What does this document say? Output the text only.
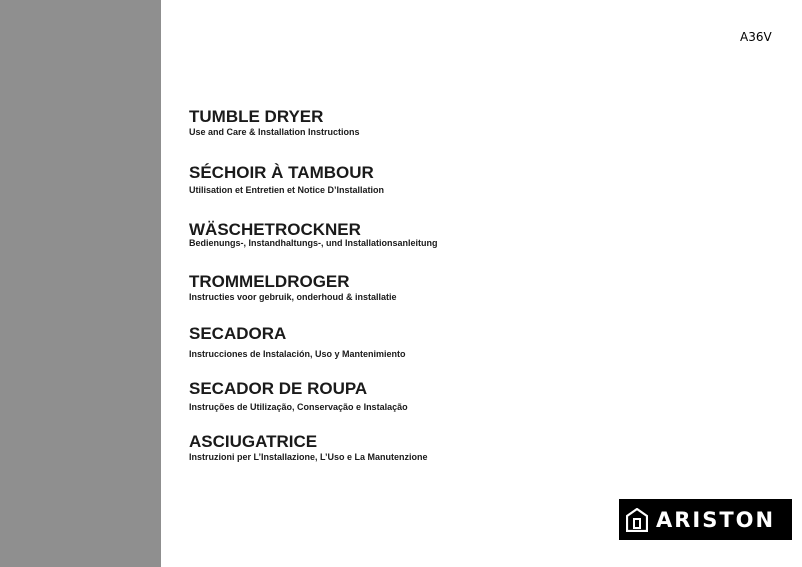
A36V
TUMBLE DRYER
Use and Care & Installation Instructions
SÉCHOIR À TAMBOUR
Utilisation et Entretien et Notice D’Installation
WÄSCHETROCKNER
Bedienungs-, Instandhaltungs-, und Installationsanleitung
TROMMELDROGER
Instructies voor gebruik, onderhoud & installatie
SECADORA
Instrucciones de Instalación, Uso y Mantenimiento
SECADOR DE ROUPA
Instruções de Utilização, Conservação e Instalação
ASCIUGATRICE
Instruzioni per L’Installazione, L’Uso e La Manutenzione
ARISTON
